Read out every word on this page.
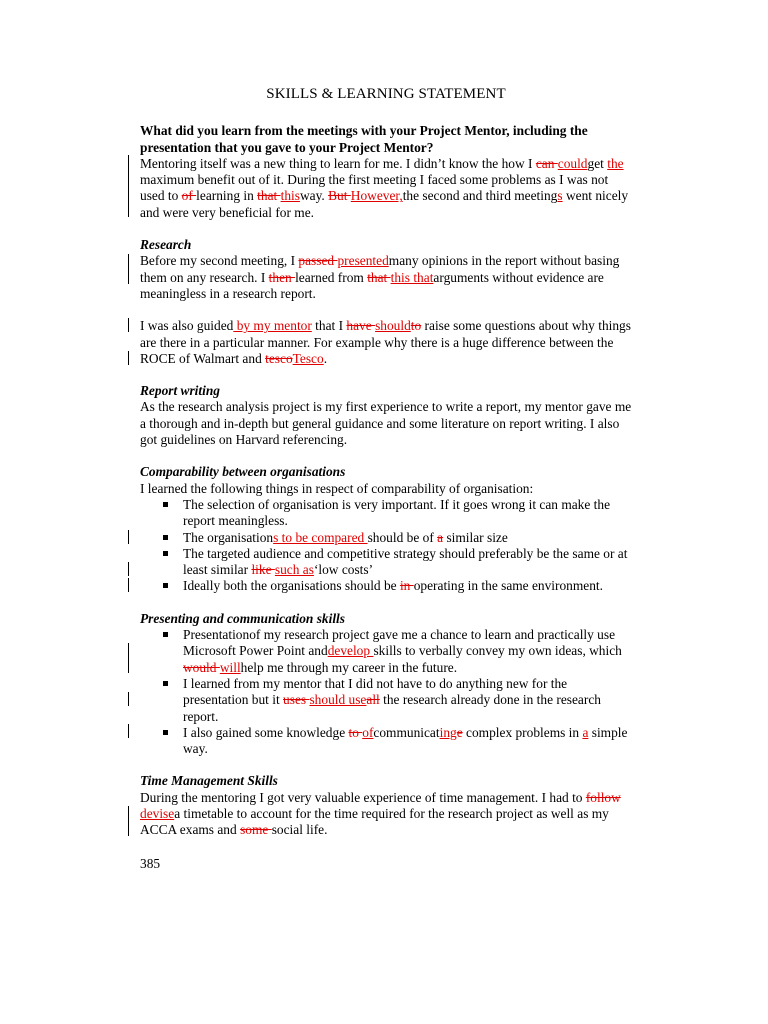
SKILLS & LEARNING STATEMENT

What did you learn from the meetings with your Project Mentor, including the presentation that you gave to your Project Mentor?

Mentoring itself was a new thing to learn for me. I didn’t know the how I can couldget the maximum benefit out of it. During the first meeting I faced some problems as I was not used to of learning in that thisway. But However,the second and third meetings went nicely and were very beneficial for me.

Research

Before my second meeting, I passed presentedmany opinions in the report without basing them on any research. I then learned from that this thatarguments without evidence are meaningless in a research report.

I was also guided by my mentor that I have shouldto raise some questions about why things are there in a particular manner. For example why there is a huge difference between the ROCE of Walmart and tescoTesco.

Report writing

As the research analysis project is my first experience to write a report, my mentor gave me a thorough and in-depth but general guidance and some literature on report writing. I also got guidelines on Harvard referencing.

Comparability between organisations

I learned the following things in respect of comparability of organisation:

The selection of organisation is very important. If it goes wrong it can make the report meaningless.
The organisations to be compared should be of a similar size
The targeted audience and competitive strategy should preferably be the same or at least similar like such as‘low costs’
Ideally both the organisations should be in operating in the same environment.

Presenting and communication skills

Presentationof my research project gave me a chance to learn and practically use Microsoft Power Point anddevelop skills to verbally convey my own ideas, which would willhelp me through my career in the future.
I learned from my mentor that I did not have to do anything new for the presentation but it uses should useall the research already done in the research report.
I also gained some knowledge to ofcommunicatinge complex problems in a simple way.

Time Management Skills

During the mentoring I got very valuable experience of time management. I had to follow devisea timetable to account for the time required for the research project as well as my ACCA exams and some social life.

385
